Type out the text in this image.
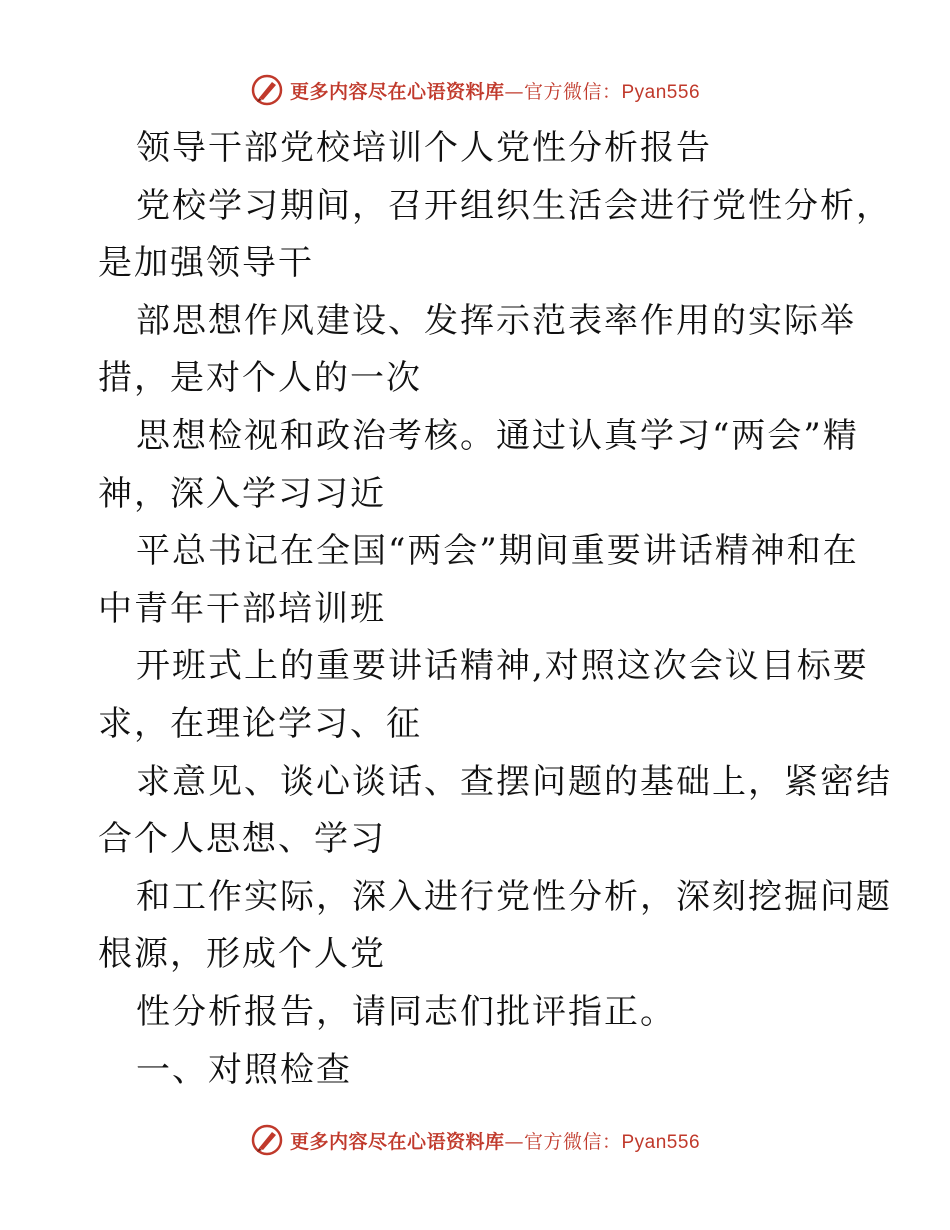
更多内容尽在心语资料库—官方微信：Pyan556
领导干部党校培训个人党性分析报告
党校学习期间，召开组织生活会进行党性分析，
是加强领导干
部思想作风建设、发挥示范表率作用的实际举
措，是对个人的一次
思想检视和政治考核。通过认真学习“两会”精
神，深入学习习近
平总书记在全国“两会”期间重要讲话精神和在
中青年干部培训班
开班式上的重要讲话精神,对照这次会议目标要
求，在理论学习、征
求意见、谈心谈话、查摆问题的基础上，紧密结
合个人思想、学习
和工作实际，深入进行党性分析，深刻挖掘问题
根源，形成个人党
性分析报告，请同志们批评指正。
一、对照检查
更多内容尽在心语资料库—官方微信：Pyan556
